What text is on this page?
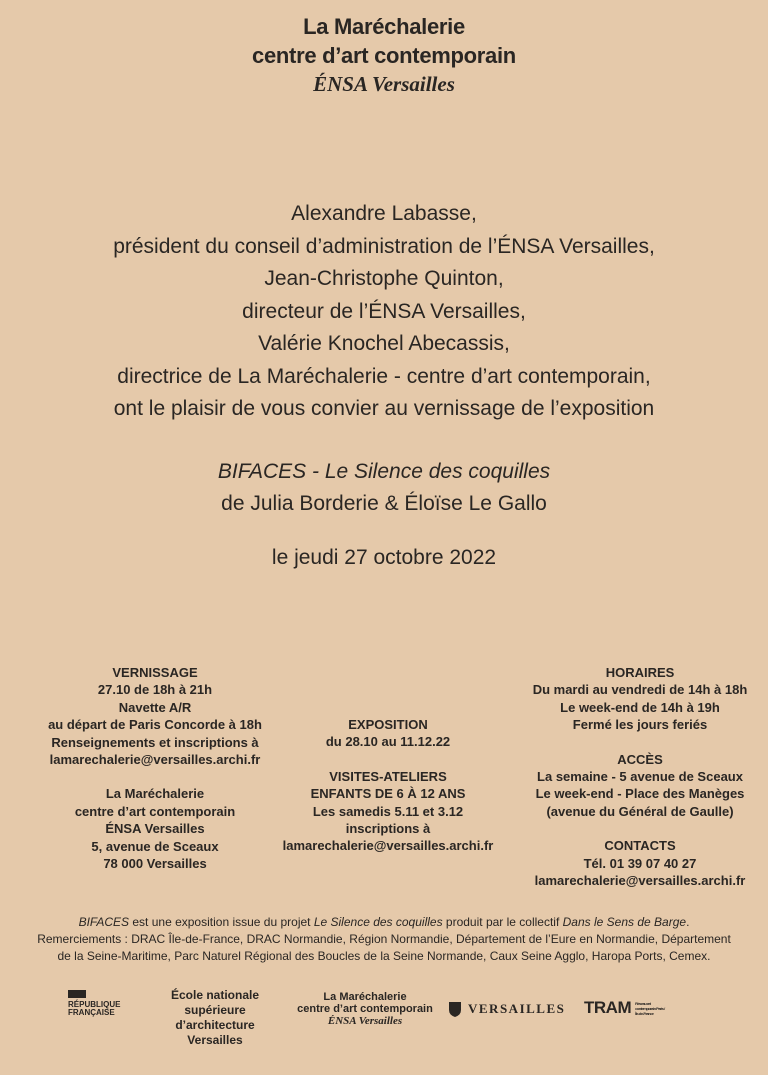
La Maréchalerie
centre d’art contemporain
ÉNSA Versailles
Alexandre Labasse,
président du conseil d’administration de l’ÉNSA Versailles,
Jean-Christophe Quinton,
directeur de l’ÉNSA Versailles,
Valérie Knochel Abecassis,
directrice de La Maréchalerie - centre d’art contemporain,
ont le plaisir de vous convier au vernissage de l’exposition
BIFACES - Le Silence des coquilles
de Julia Borderie & Éloïse Le Gallo
le jeudi 27 octobre 2022
VERNISSAGE
27.10 de 18h à 21h
Navette A/R
au départ de Paris Concorde à 18h
Renseignements et inscriptions à
lamarechalerie@versailles.archi.fr
La Maréchalerie
centre d’art contemporain
ÉNSA Versailles
5, avenue de Sceaux
78 000 Versailles
EXPOSITION
du 28.10 au 11.12.22
VISITES-ATELIERS
ENFANTS DE 6 À 12 ANS
Les samedis 5.11 et 3.12
inscriptions à
lamarechalerie@versailles.archi.fr
HORAIRES
Du mardi au vendredi de 14h à 18h
Le week-end de 14h à 19h
Fermé les jours feriés
ACCÈS
La semaine - 5 avenue de Sceaux
Le week-end - Place des Manèges
(avenue du Général de Gaulle)
CONTACTS
Tél. 01 39 07 40 27
lamarechalerie@versailles.archi.fr
BIFACES est une exposition issue du projet Le Silence des coquilles produit par le collectif Dans le Sens de Barge.
Remerciements : DRAC Île-de-France, DRAC Normandie, Région Normandie, Département de l’Eure en Normandie, Département
de la Seine-Maritime, Parc Naturel Régional des Boucles de la Seine Normande, Caux Seine Agglo, Haropa Ports, Cemex.
RÉPUBLIQUE
FRANÇAISE
École nationale
supérieure d’architecture
Versailles
La Maréchalerie
centre d’art contemporain
ÉNSA Versailles
VERSAILLES TRAM Réseau art contemporain Paris / Île-de-France
